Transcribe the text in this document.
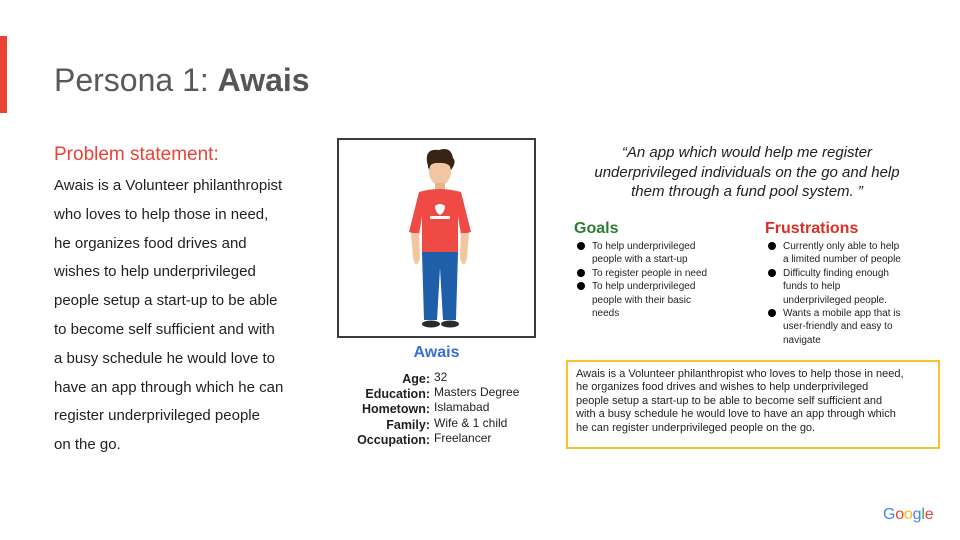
Persona 1: Awais
Problem statement:
Awais is a Volunteer philanthropist
who loves to help those in need,
he organizes food drives and
wishes to help underprivileged
people setup a start-up to be able
to become self sufficient and with
a busy schedule he would love to
have an app through which he can
register underprivileged people
on the go.
Awais
Age: 32
Education: Masters Degree
Hometown: Islamabad
Family: Wife & 1 child
Occupation: Freelancer
“An app which would help me register
underprivileged individuals on the go and help
them through a fund pool system. ”
Goals
To help underprivileged
people with a start-up
To register people in need
To help underprivileged
people with their basic
needs
Frustrations
Currently only able to help
a limited number of people
Difficulty finding enough
funds to help
underprivileged people.
Wants a mobile app that is
user-friendly and easy to
navigate
Awais is a Volunteer philanthropist who loves to help those in need,
he organizes food drives and wishes to help underprivileged
people setup a start-up to be able to become self sufficient and
with a busy schedule he would love to have an app through which
he can register underprivileged people on the go.
Google
